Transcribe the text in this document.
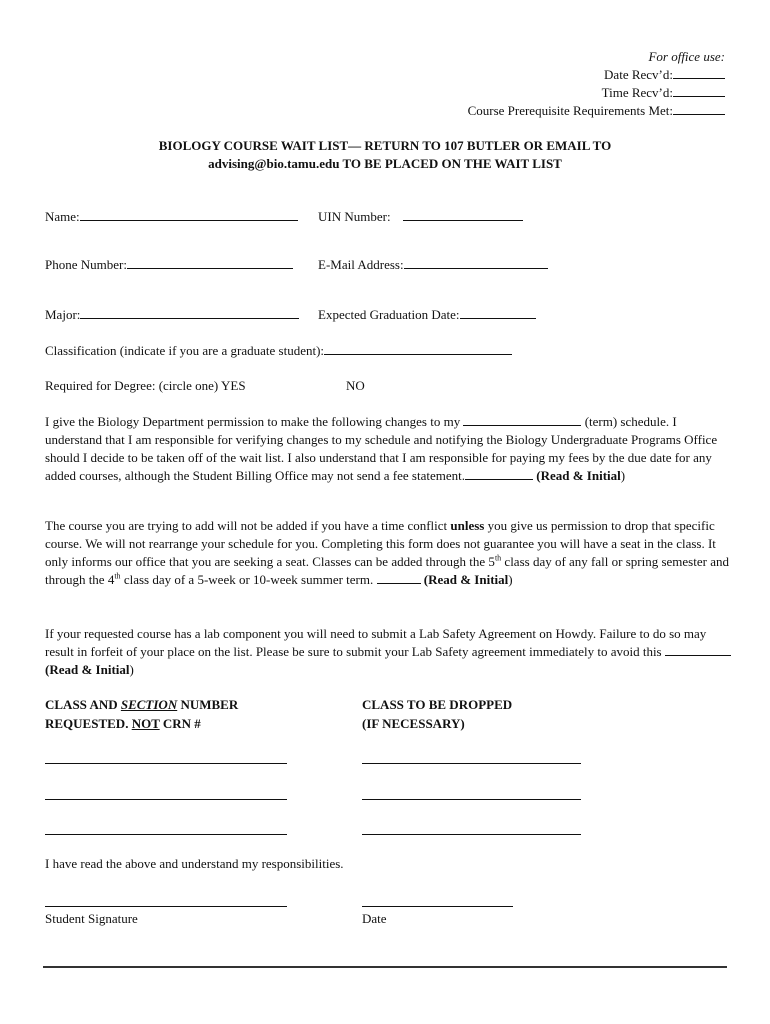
For office use:
Date Recv’d:
Time Recv’d:
Course Prerequisite Requirements Met:
BIOLOGY COURSE WAIT LIST— RETURN TO 107 BUTLER OR EMAIL TO
advising@bio.tamu.edu TO BE PLACED ON THE WAIT LIST
Name:	UIN Number:
Phone Number:	E-Mail Address:
Major:	Expected Graduation Date:
Classification (indicate if you are a graduate student):
Required for Degree: (circle one) YES	NO
I give the Biology Department permission to make the following changes to my	(term) schedule. I understand that I am responsible for verifying changes to my schedule and notifying the Biology Undergraduate Programs Office should I decide to be taken off of the wait list. I also understand that I am responsible for paying my fees by the due date for any added courses, although the Student Billing Office may not send a fee statement.	(Read & Initial)
The course you are trying to add will not be added if you have a time conflict unless you give us permission to drop that specific course. We will not rearrange your schedule for you. Completing this form does not guarantee you will have a seat in the class. It only informs our office that you are seeking a seat. Classes can be added through the 5th class day of any fall or spring semester and through the 4th class day of a 5-week or 10-week summer term.	(Read & Initial)
If your requested course has a lab component you will need to submit a Lab Safety Agreement on Howdy. Failure to do so may result in forfeit of your place on the list. Please be sure to submit your Lab Safety agreement immediately to avoid this (Read & Initial)
CLASS AND SECTION NUMBER
REQUESTED. NOT CRN #
CLASS TO BE DROPPED
(IF NECESSARY)
I have read the above and understand my responsibilities.
Student Signature	Date
